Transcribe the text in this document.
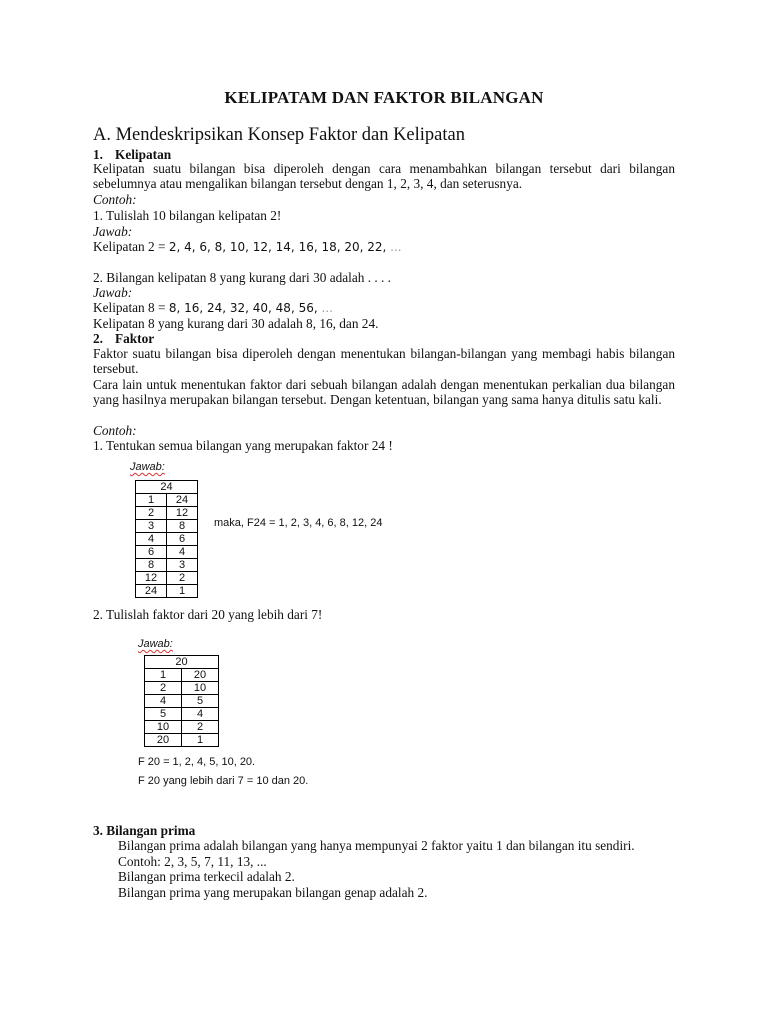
KELIPATAM DAN FAKTOR BILANGAN
A. Mendeskripsikan Konsep Faktor dan Kelipatan
1. Kelipatan
Kelipatan suatu bilangan bisa diperoleh dengan cara menambahkan bilangan tersebut dari bilangan sebelumnya atau mengalikan bilangan tersebut dengan 1, 2, 3, 4, dan seterusnya.
Contoh:
1. Tulislah 10 bilangan kelipatan 2!
Jawab:
Kelipatan 2 = 2, 4, 6, 8, 10, 12, 14, 16, 18, 20, 22, ...
2. Bilangan kelipatan 8 yang kurang dari 30 adalah . . . .
Jawab:
Kelipatan 8 = 8, 16, 24, 32, 40, 48, 56, ...
Kelipatan 8 yang kurang dari 30 adalah 8, 16, dan 24.
2. Faktor
Faktor suatu bilangan bisa diperoleh dengan menentukan bilangan-bilangan yang membagi habis bilangan tersebut.
Cara lain untuk menentukan faktor dari sebuah bilangan adalah dengan menentukan perkalian dua bilangan yang hasilnya merupakan bilangan tersebut. Dengan ketentuan, bilangan yang sama hanya ditulis satu kali.
Contoh:
1. Tentukan semua bilangan yang merupakan faktor 24 !
Jawab:
24	
1	24
2	12
3	8
4	6
6	4
8	3
12	2
24	1
maka, F24 = 1, 2, 3, 4, 6, 8, 12, 24
2. Tulislah faktor dari 20 yang lebih dari 7!
Jawab:
20	
1	20
2	10
4	5
5	4
10	2
20	1
F 20 = 1, 2, 4, 5, 10, 20.
F 20 yang lebih dari 7 = 10 dan 20.
3. Bilangan prima
Bilangan prima adalah bilangan yang hanya mempunyai 2 faktor yaitu 1 dan bilangan itu sendiri.
Contoh: 2, 3, 5, 7, 11, 13, ...
Bilangan prima terkecil adalah 2.
Bilangan prima yang merupakan bilangan genap adalah 2.
